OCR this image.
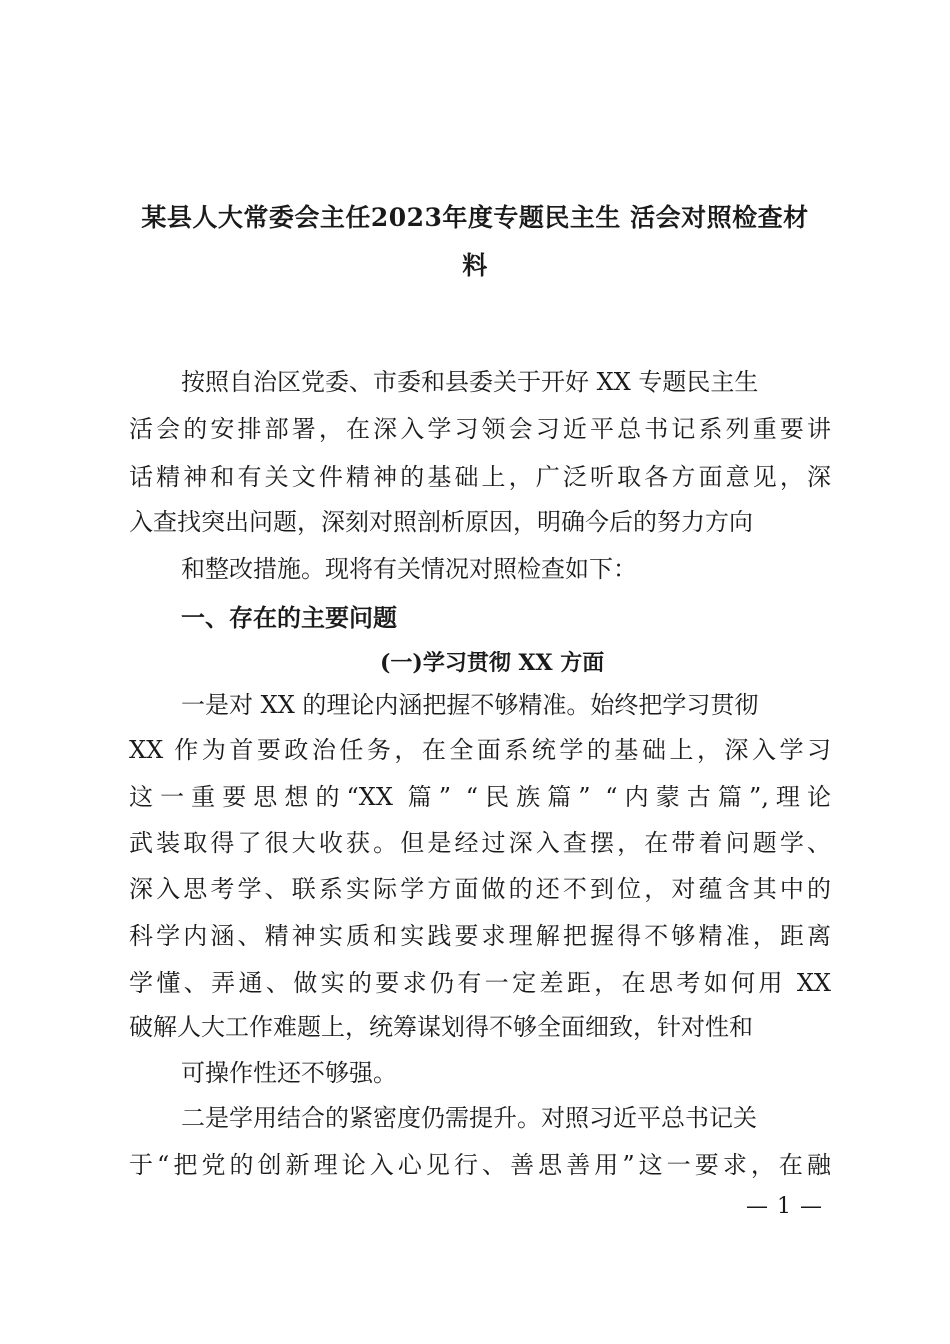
某县人大常委会主任2023年度专题民主生 活会对照检查材
料

按照自治区党委、市委和县委关于开好 XX 专题民主生

活会的安排部署，在深入学习领会习近平总书记系列重要讲

话精神和有关文件精神的基础上，广泛听取各方面意见，深

入查找突出问题，深刻对照剖析原因，明确今后的努力方向

和整改措施。现将有关情况对照检查如下：

一、存在的主要问题
(一)学习贯彻 XX 方面

一是对 XX 的理论内涵把握不够精准。始终把学习贯彻

XX 作为首要政治任务，在全面系统学的基础上，深入学习

这一重要思想的“XX 篇” “民族篇” “内蒙古篇”,理论

武装取得了很大收获。但是经过深入查摆，在带着问题学、

深入思考学、联系实际学方面做的还不到位，对蕴含其中的

科学内涵、精神实质和实践要求理解把握得不够精准，距离

学懂、弄通、做实的要求仍有一定差距，在思考如何用 XX

破解人大工作难题上，统筹谋划得不够全面细致，针对性和

可操作性还不够强。

二是学用结合的紧密度仍需提升。对照习近平总书记关

于“把党的创新理论入心见行、善思善用”这一要求，在融

— 1 —
